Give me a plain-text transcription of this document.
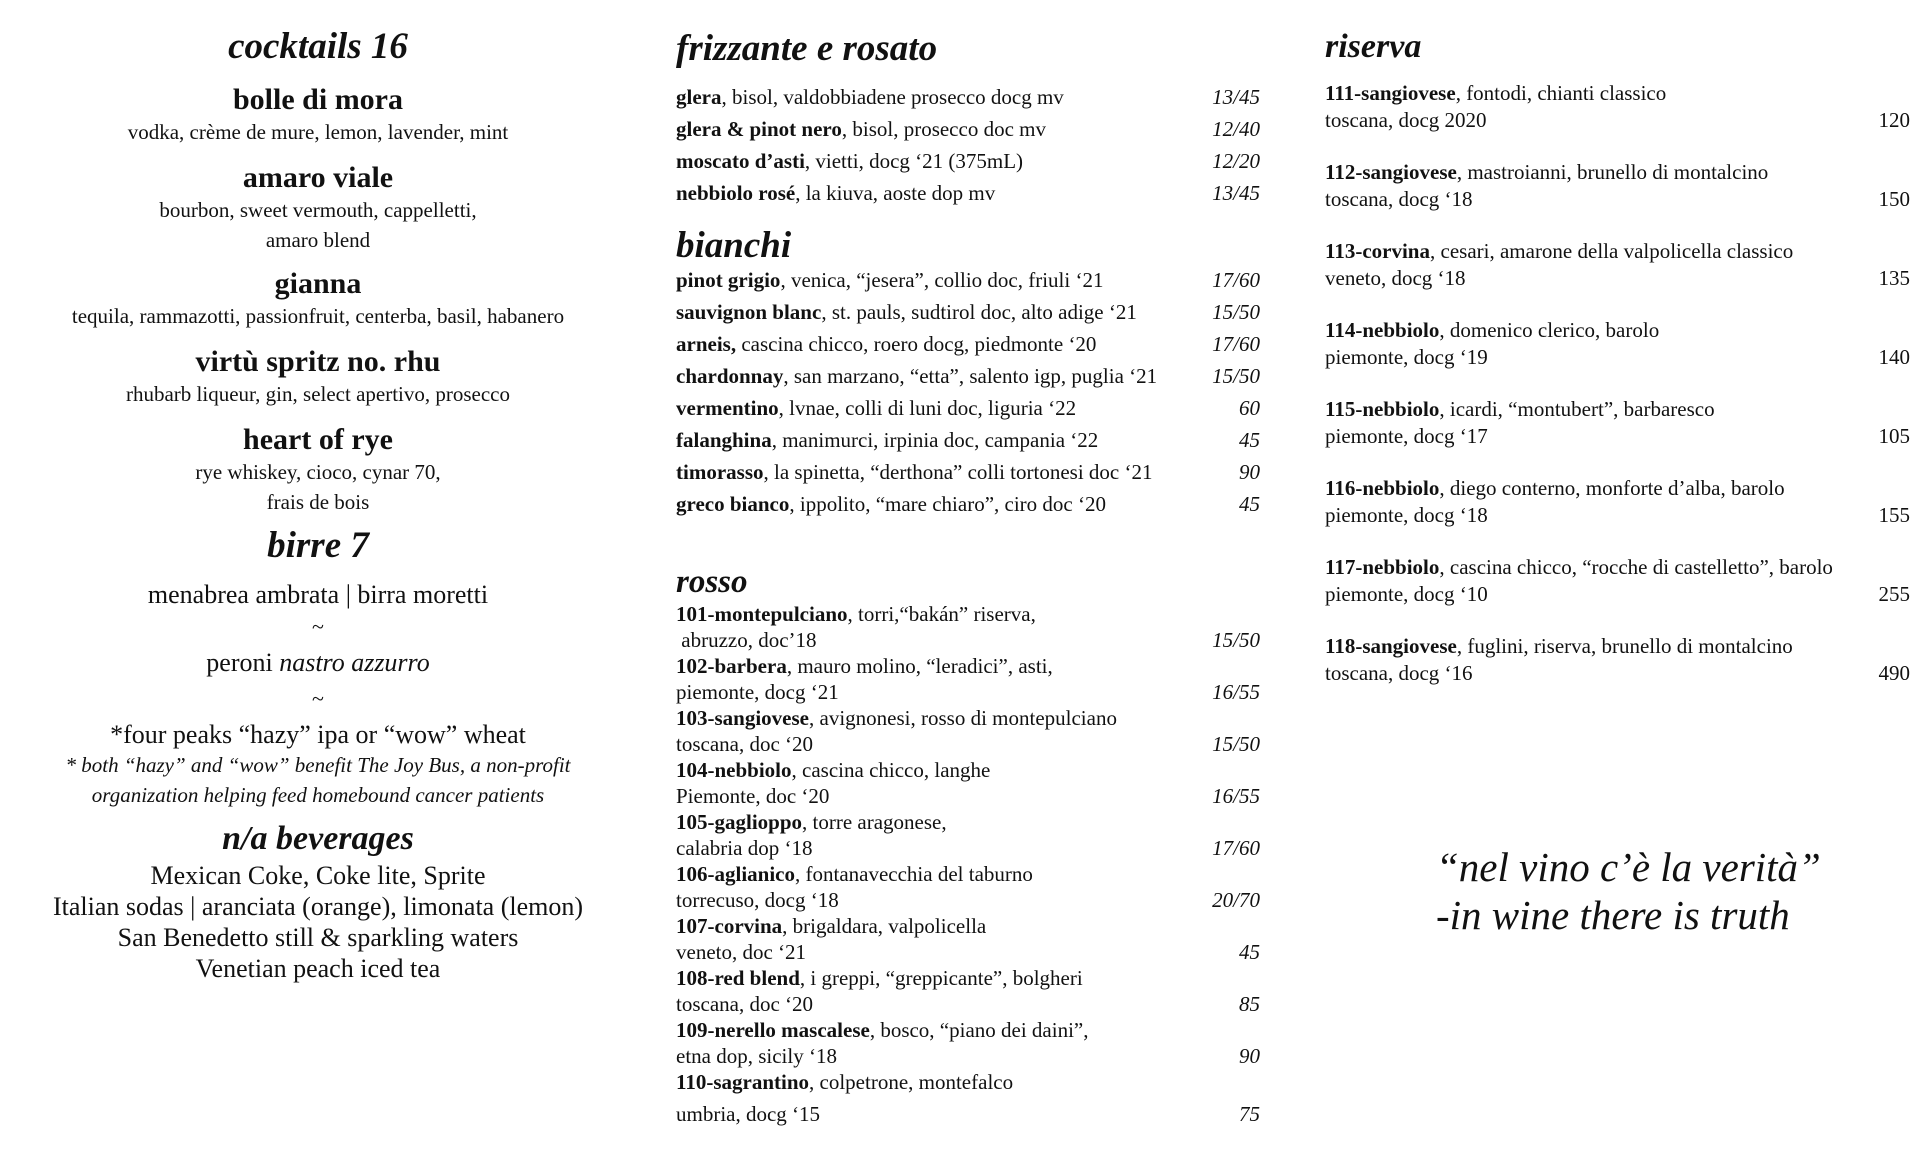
cocktails 16
bolle di mora
vodka, crème de mure, lemon, lavender, mint
amaro viale
bourbon, sweet vermouth, cappelletti,
amaro blend
gianna
tequila, rammazotti, passionfruit, centerba, basil, habanero
virtù spritz no. rhu
rhubarb liqueur, gin, select apertivo, prosecco
heart of rye
rye whiskey, cioco, cynar 70,
frais de bois
birre 7
menabrea ambrata | birra moretti
~
peroni nastro azzurro
~
*four peaks “hazy” ipa or “wow” wheat
* both “hazy” and “wow” benefit The Joy Bus, a non-profit
organization helping feed homebound cancer patients
n/a beverages
Mexican Coke, Coke lite, Sprite
Italian sodas | aranciata (orange), limonata (lemon)
San Benedetto still & sparkling waters
Venetian peach iced tea
frizzante e rosato
glera, bisol, valdobbiadene prosecco docg mv	13/45
glera & pinot nero, bisol, prosecco doc mv	12/40
moscato d’asti, vietti, docg ‘21 (375mL)	12/20
nebbiolo rosé, la kiuva, aoste dop mv	13/45
bianchi
pinot grigio, venica, “jesera”, collio doc, friuli ‘21	17/60
sauvignon blanc, st. pauls, sudtirol doc, alto adige ‘21	15/50
arneis, cascina chicco, roero docg, piedmonte ‘20	17/60
chardonnay, san marzano, “etta”, salento igp, puglia ‘21	15/50
vermentino, lvnae, colli di luni doc, liguria ‘22	60
falanghina, manimurci, irpinia doc, campania ‘22	45
timorasso, la spinetta, “derthona” colli tortonesi doc ‘21	90
greco bianco, ippolito, “mare chiaro”, ciro doc ‘20	45
rosso
101-montepulciano, torri,“bakán” riserva,
abruzzo, doc’18	15/50
102-barbera, mauro molino, “leradici”, asti,
piemonte, docg ‘21	16/55
103-sangiovese, avignonesi, rosso di montepulciano
toscana, doc ‘20	15/50
104-nebbiolo, cascina chicco, langhe
Piemonte, doc ‘20	16/55
105-gaglioppo, torre aragonese,
calabria dop ‘18	17/60
106-aglianico, fontanavecchia del taburno
torrecuso, docg ‘18	20/70
107-corvina, brigaldara, valpolicella
veneto, doc ‘21	45
108-red blend, i greppi, “greppicante”, bolgheri
toscana, doc ‘20	85
109-nerello mascalese, bosco, “piano dei daini”,
etna dop, sicily ‘18	90
110-sagrantino, colpetrone, montefalco
umbria, docg ‘15	75
riserva
111-sangiovese, fontodi, chianti classico
toscana, docg 2020	120
112-sangiovese, mastroianni, brunello di montalcino
toscana, docg ‘18	150
113-corvina, cesari, amarone della valpolicella classico
veneto, docg ‘18	135
114-nebbiolo, domenico clerico, barolo
piemonte, docg ‘19	140
115-nebbiolo, icardi, “montubert”, barbaresco
piemonte, docg ‘17	105
116-nebbiolo, diego conterno, monforte d’alba, barolo
piemonte, docg ‘18	155
117-nebbiolo, cascina chicco, “rocche di castelletto”, barolo
piemonte, docg ‘10	255
118-sangiovese, fuglini, riserva, brunello di montalcino
toscana, docg ‘16	490
“nel vino c’è la verità”
-in wine there is truth
